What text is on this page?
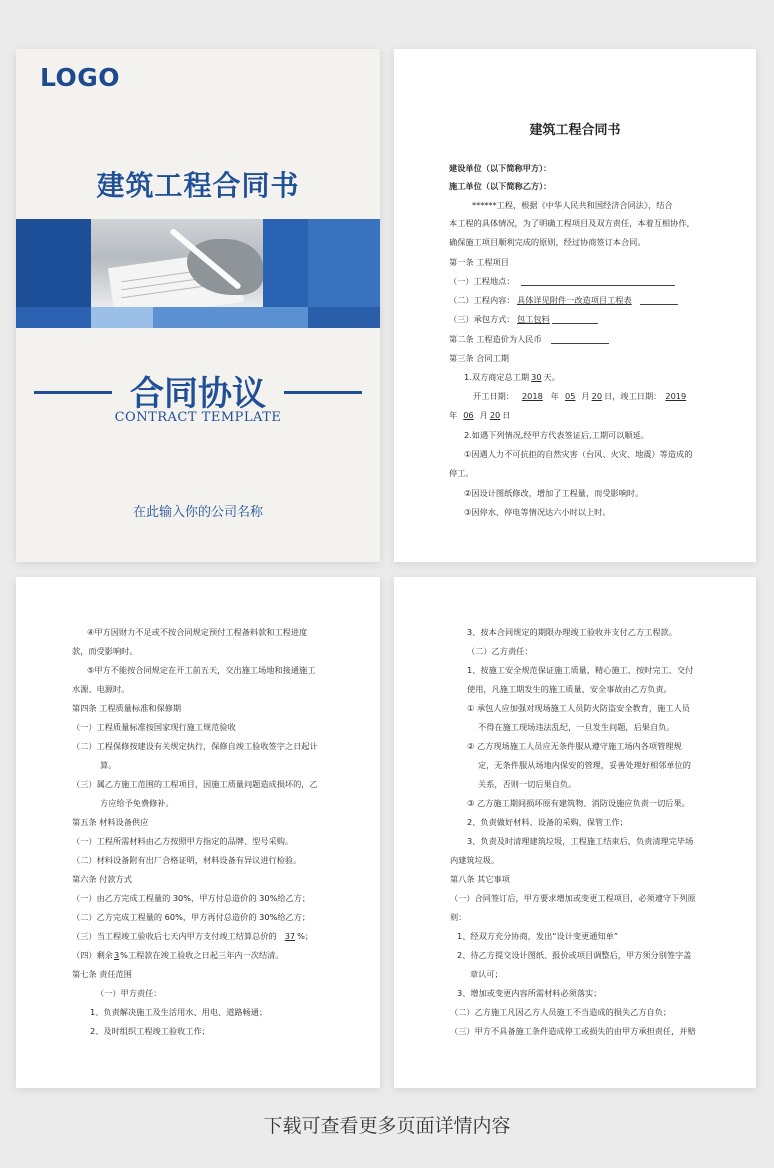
LOGO
建筑工程合同书
合同协议
CONTRACT TEMPLATE
在此输入你的公司名称
建筑工程合同书
建设单位（以下简称甲方）：
施工单位（以下简称乙方）：
******工程，根据《中华人民共和国经济合同法》，结合
本工程的具体情况，为了明确工程项目及双方责任，本着互相协作，
确保施工项目顺利完成的原则，经过协商签订本合同。
第一条 工程项目
（一）工程地点：
（二）工程内容： 具体详见附件一改造项目工程表
（三）承包方式： 包工包料
第二条 工程造价为人民币
第三条 合同工期
1.双方商定总工期 30 天。
开工日期： 2018 年 05 月 20 日，竣工日期： 2019
年 06 月 20 日
2.如遇下列情况,经甲方代表签证后,工期可以顺延。
①因遇人力不可抗拒的自然灾害（台风、火灾、地震）等造成的
停工。
②因设计图纸修改，增加了工程量，而受影响时。
③因停水、停电等情况达六小时以上时。
④甲方因财力不足或不按合同规定预付工程备料款和工程进度
款，而受影响时。
⑤甲方不能按合同规定在开工前五天，交出施工场地和接通施工
水源、电源时。
第四条 工程质量标准和保修期
（一）工程质量标准按国家现行施工规范验收
（二）工程保修按建设有关规定执行，保修自竣工验收签字之日起计
算。
（三）属乙方施工范围的工程项目，因施工质量问题造成损坏的，乙
方应给予免费修补。
第五条 材料设备供应
（一）工程所需材料由乙方按照甲方指定的品牌、型号采购。
（二）材料设备附有出厂合格证明，材料设备有异议进行检验。
第六条 付款方式
（一）由乙方完成工程量的 30%，甲方付总造价的 30%给乙方；
（二）乙方完成工程量的 60%，甲方再付总造价的 30%给乙方；
（三）当工程竣工验收后七天内甲方支付竣工结算总价的 37 %；
（四）剩余3%工程款在竣工验收之日起三年内一次结清。
第七条 责任范围
（一）甲方责任：
1、负责解决施工及生活用水、用电、道路畅通；
2、及时组织工程竣工验收工作；
3、按本合同规定的期限办理竣工验收并支付乙方工程款。
（二）乙方责任：
1、按施工安全规范保证施工质量，精心施工、按时完工、交付
使用，凡施工期发生的施工质量、安全事故由乙方负责。
① 承包人应加强对现场施工人员防火防盗安全教育，施工人员
不得在施工现场违法乱纪，一旦发生问题，后果自负。
② 乙方现场施工人员应无条件服从遵守施工场内各项管理规
定，无条件服从场地内保安的管理，妥善处理好相邻单位的
关系，否则一切后果自负。
③ 乙方施工期间损坏原有建筑物、消防设施应负责一切后果。
2、负责做好材料、设备的采购，保管工作；
3、负责及时清理建筑垃圾，工程施工结束后，负责清理完毕场
内建筑垃圾。
第八条 其它事项
（一）合同签订后，甲方要求增加或变更工程项目，必须遵守下列原
则：
1、经双方充分协商，发出“设计变更通知单”
2、待乙方提交设计图纸、报价或项目调整后，甲方须分别签字盖
章认可；
3、增加或变更内容所需材料必须落实；
（二）乙方施工凡因乙方人员施工不当造成的损失乙方自负；
（三）甲方不具备施工条件造成停工或损失的由甲方承担责任，并赔
下载可查看更多页面详情内容
